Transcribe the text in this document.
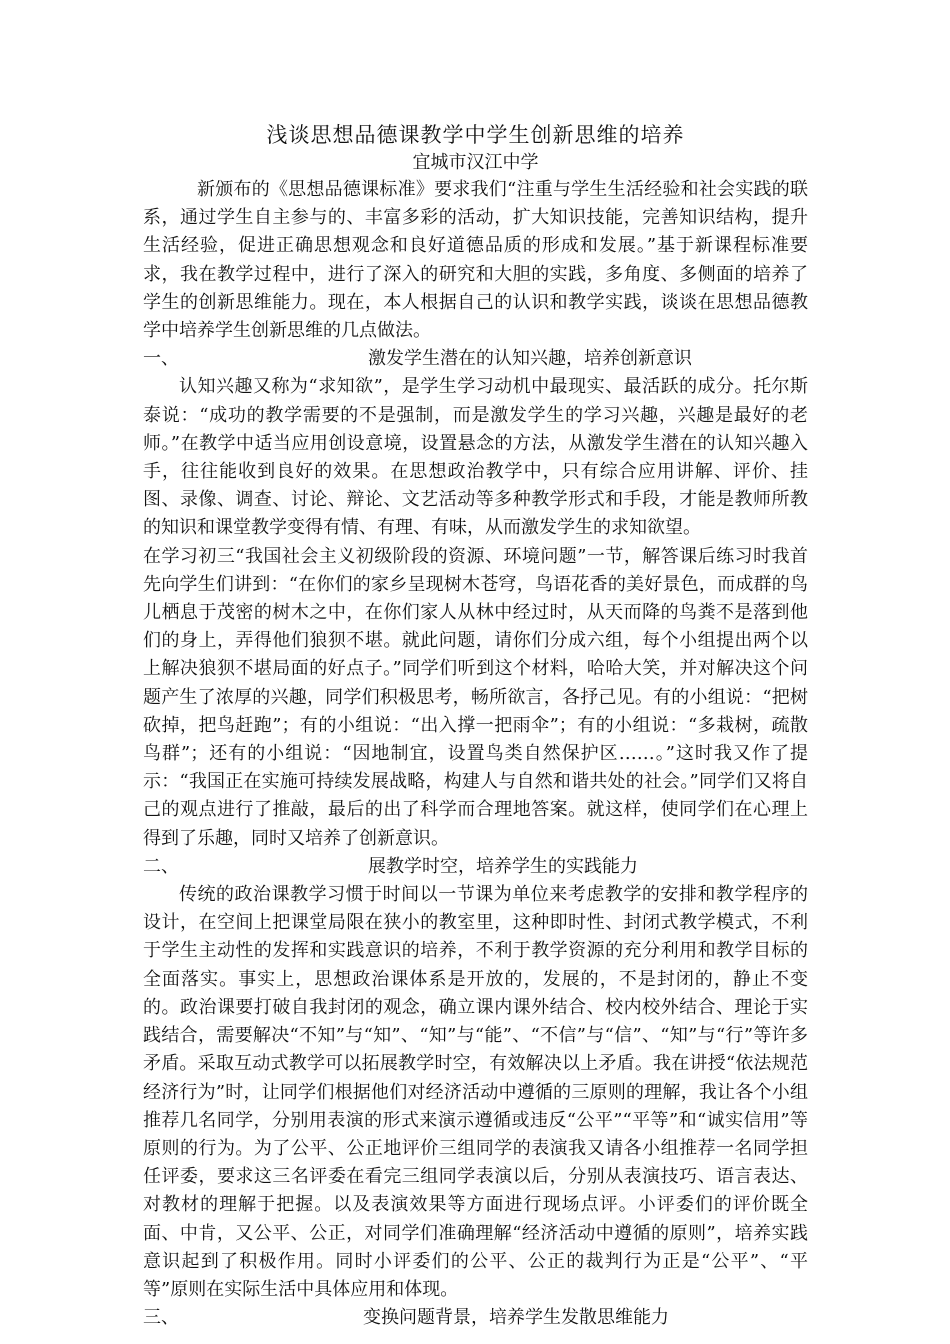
浅谈思想品德课教学中学生创新思维的培养

宜城市汉江中学

新颁布的《思想品德课标准》要求我们“注重与学生生活经验和社会实践的联系，通过学生自主参与的、丰富多彩的活动，扩大知识技能，完善知识结构，提升生活经验，促进正确思想观念和良好道德品质的形成和发展。”基于新课程标准要求，我在教学过程中，进行了深入的研究和大胆的实践，多角度、多侧面的培养了学生的创新思维能力。现在，本人根据自己的认识和教学实践，谈谈在思想品德教学中培养学生创新思维的几点做法。

一、	激发学生潜在的认知兴趣，培养创新意识

认知兴趣又称为“求知欲”，是学生学习动机中最现实、最活跃的成分。托尔斯泰说：“成功的教学需要的不是强制，而是激发学生的学习兴趣，兴趣是最好的老师。”在教学中适当应用创设意境，设置悬念的方法，从激发学生潜在的认知兴趣入手，往往能收到良好的效果。在思想政治教学中，只有综合应用讲解、评价、挂图、录像、调查、讨论、辩论、文艺活动等多种教学形式和手段，才能是教师所教的知识和课堂教学变得有情、有理、有味，从而激发学生的求知欲望。

在学习初三“我国社会主义初级阶段的资源、环境问题”一节，解答课后练习时我首先向学生们讲到：“在你们的家乡呈现树木苍穹，鸟语花香的美好景色，而成群的鸟儿栖息于茂密的树木之中，在你们家人从林中经过时，从天而降的鸟粪不是落到他们的身上，弄得他们狼狈不堪。就此问题，请你们分成六组，每个小组提出两个以上解决狼狈不堪局面的好点子。”同学们听到这个材料，哈哈大笑，并对解决这个问题产生了浓厚的兴趣，同学们积极思考，畅所欲言，各抒己见。有的小组说：“把树砍掉，把鸟赶跑”；有的小组说：“出入撑一把雨伞”；有的小组说：“多栽树，疏散鸟群”；还有的小组说：“因地制宜，设置鸟类自然保护区……。”这时我又作了提示：“我国正在实施可持续发展战略，构建人与自然和谐共处的社会。”同学们又将自己的观点进行了推敲，最后的出了科学而合理地答案。就这样，使同学们在心理上得到了乐趣，同时又培养了创新意识。

二、	展教学时空，培养学生的实践能力

传统的政治课教学习惯于时间以一节课为单位来考虑教学的安排和教学程序的设计，在空间上把课堂局限在狭小的教室里，这种即时性、封闭式教学模式，不利于学生主动性的发挥和实践意识的培养，不利于教学资源的充分利用和教学目标的全面落实。事实上，思想政治课体系是开放的，发展的，不是封闭的，静止不变的。政治课要打破自我封闭的观念，确立课内课外结合、校内校外结合、理论于实践结合，需要解决“不知”与“知”、“知”与“能”、“不信”与“信”、“知”与“行”等许多矛盾。采取互动式教学可以拓展教学时空，有效解决以上矛盾。我在讲授“依法规范经济行为”时，让同学们根据他们对经济活动中遵循的三原则的理解，我让各个小组推荐几名同学，分别用表演的形式来演示遵循或违反“公平”“平等”和“诚实信用”等原则的行为。为了公平、公正地评价三组同学的表演我又请各小组推荐一名同学担任评委，要求这三名评委在看完三组同学表演以后，分别从表演技巧、语言表达、对教材的理解于把握。以及表演效果等方面进行现场点评。小评委们的评价既全面、中肯，又公平、公正，对同学们准确理解“经济活动中遵循的原则”，培养实践意识起到了积极作用。同时小评委们的公平、公正的裁判行为正是“公平”、“平等”原则在实际生活中具体应用和体现。

三、	变换问题背景，培养学生发散思维能力
